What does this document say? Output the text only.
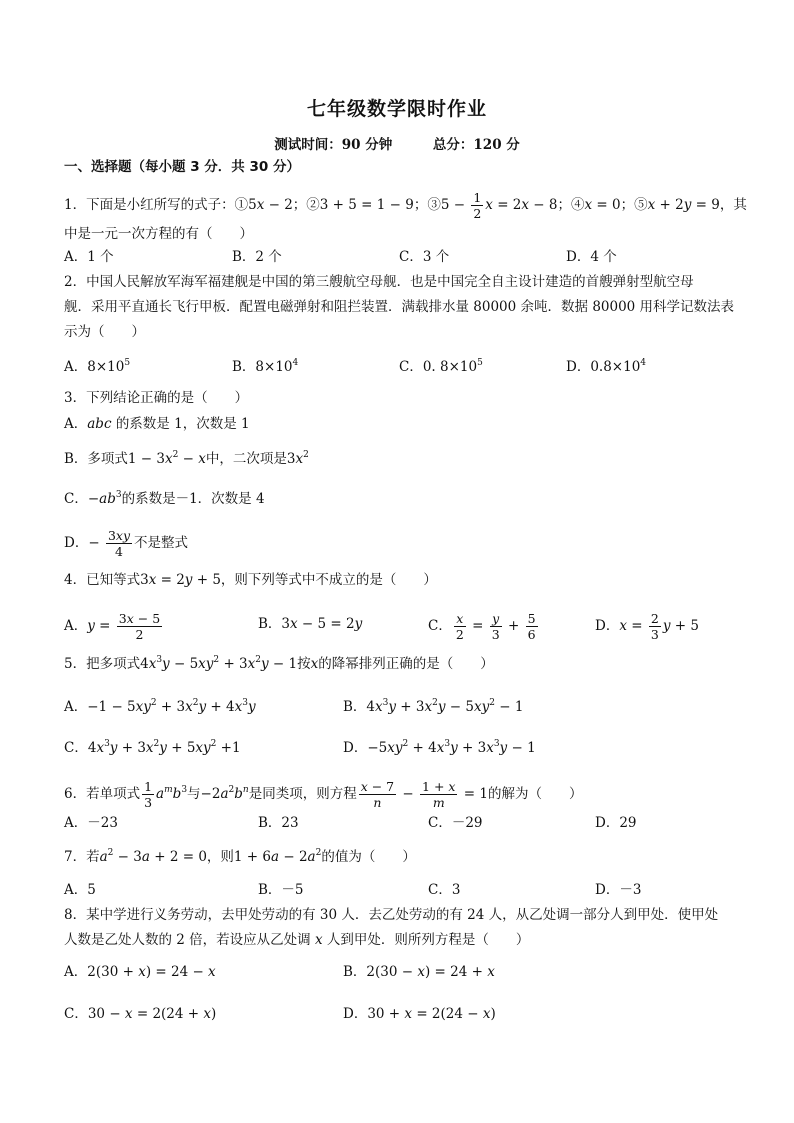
七年级数学限时作业
测试时间：90 分钟	总分：120 分
一、选择题（每小题 3 分．共 30 分）
1．下面是小红所写的式子：①5x − 2；②3 + 5 = 1 − 9；③5 − $\frac{1}{2}$ x = 2x − 8；④x = 0；⑤x + 2y = 9，其
中是一元一次方程的有（　　）
A．1 个	B．2 个	C．3 个	D．4 个
2．中国人民解放军海军福建舰是中国的第三艘航空母舰．也是中国完全自主设计建造的首艘弹射型航空母
舰．采用平直通长飞行甲板．配置电磁弹射和阻拦装置．满载排水量 80000 余吨．数据 80000 用科学记数法表
示为（　　）
A．$8\times 10^5$	B．$8\times 10^4$	C．0. $8\times 10^5$	D．$0.8\times 10^4$
3．下列结论正确的是（　　）
A．abc 的系数是 1，次数是 1
B．多项式$1 - 3x^2 - x$中，二次项是$3x^2$
C．$-ab^3$的系数是－1．次数是 4
D．− $\frac{3xy}{4}$ 不是整式
4．已知等式3x = 2y + 5，则下列等式中不成立的是（　　）
A．$y = \frac{3x - 5}{2}$	B．3x − 5 = 2y	C． $\frac{x}{2} = \frac{y}{3} + \frac{5}{6}$	D．$x = \frac{2}{3}$ y + 5
5．把多项式$4x^3y - 5xy^2 + 3x^2y - 1$按x的降幂排列正确的是（　　）
A．$-1 - 5xy^2 + 3x^2y + 4x^3y$	B．$4x^3y + 3x^2y - 5xy^2 - 1$
C．$4x^3y + 3x^2y + 5xy^2 +1$	D．$-5xy^2 + 4x^3y + 3x^3y - 1$
6．若单项式 $\frac{1}{3} a^mb^3$与$-2a^2b^n$是同类项，则方程 $\frac{x - 7}{n} - \frac{1 + x}{m} = 1$的解为（　　）
A．－23	B．23	C．－29	D．29
7．若$a^2 - 3a + 2 = 0$，则$1 + 6a - 2a^2$的值为（　　）
A．5	B．－5	C．3	D．－3
8．某中学进行义务劳动，去甲处劳动的有 30 人．去乙处劳动的有 24 人，从乙处调一部分人到甲处．使甲处
人数是乙处人数的 2 倍，若设应从乙处调 x 人到甲处．则所列方程是（　　）
A．2(30 + x) = 24 − x	B．2(30 − x) = 24 + x
C．30 − x = 2(24 + x)	D．30 + x = 2(24 − x)
